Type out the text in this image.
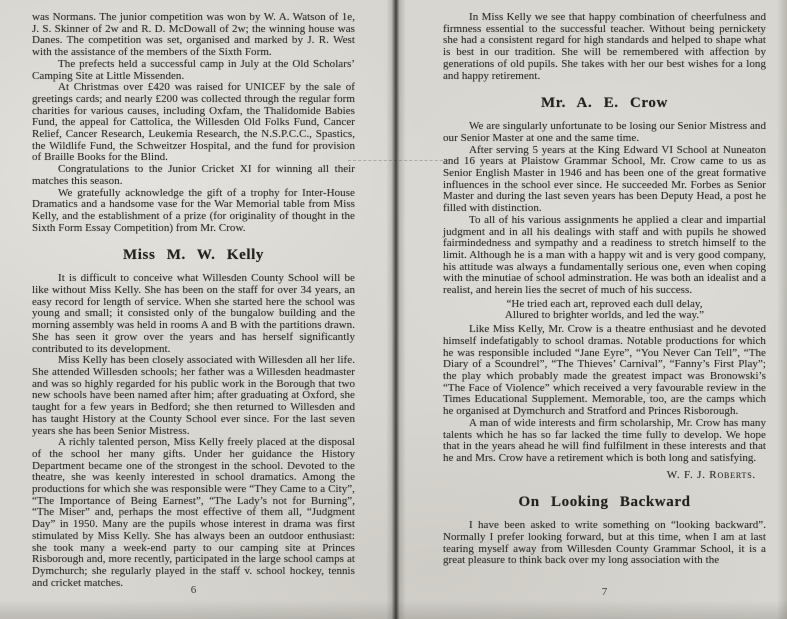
was Normans. The junior competition was won by W. A. Watson of 1e, J. S. Skinner of 2w and R. D. McDowall of 2w; the winning house was Danes. The competition was set, organised and marked by J. R. West with the assistance of the members of the Sixth Form.

The prefects held a successful camp in July at the Old Scholars’ Camping Site at Little Missenden.

At Christmas over £420 was raised for UNICEF by the sale of greetings cards; and nearly £200 was collected through the regular form charities for various causes, including Oxfam, the Thalidomide Babies Fund, the appeal for Cattolica, the Willesden Old Folks Fund, Cancer Relief, Cancer Research, Leukemia Research, the N.S.P.C.C., Spastics, the Wildlife Fund, the Schweitzer Hospital, and the fund for provision of Braille Books for the Blind.

Congratulations to the Junior Cricket XI for winning all their matches this season.

We gratefully acknowledge the gift of a trophy for Inter-House Dramatics and a handsome vase for the War Memorial table from Miss Kelly, and the establishment of a prize (for originality of thought in the Sixth Form Essay Competition) from Mr. Crow.

Miss M. W. Kelly

It is difficult to conceive what Willesden County School will be like without Miss Kelly. She has been on the staff for over 34 years, an easy record for length of service. When she started here the school was young and small; it consisted only of the bungalow building and the morning assembly was held in rooms A and B with the partitions drawn. She has seen it grow over the years and has herself significantly contributed to its development.

Miss Kelly has been closely associated with Willesden all her life. She attended Willesden schools; her father was a Willesden headmaster and was so highly regarded for his public work in the Borough that two new schools have been named after him; after graduating at Oxford, she taught for a few years in Bedford; she then returned to Willesden and has taught History at the County School ever since. For the last seven years she has been Senior Mistress.

A richly talented person, Miss Kelly freely placed at the disposal of the school her many gifts. Under her guidance the History Department became one of the strongest in the school. Devoted to the theatre, she was keenly interested in school dramatics. Among the productions for which she was responsible were “They Came to a City”, “The Importance of Being Earnest”, “The Lady’s not for Burning”, “The Miser” and, perhaps the most effective of them all, “Judgment Day” in 1950. Many are the pupils whose interest in drama was first stimulated by Miss Kelly. She has always been an outdoor enthusiast: she took many a week-end party to our camping site at Princes Risborough and, more recently, participated in the large school camps at Dymchurch; she regularly played in the staff v. school hockey, tennis and cricket matches.

6

In Miss Kelly we see that happy combination of cheerfulness and firmness essential to the successful teacher. Without being pernickety she had a consistent regard for high standards and helped to shape what is best in our tradition. She will be remembered with affection by generations of old pupils. She takes with her our best wishes for a long and happy retirement.

Mr. A. E. Crow

We are singularly unfortunate to be losing our Senior Mistress and our Senior Master at one and the same time.

After serving 5 years at the King Edward VI School at Nuneaton and 16 years at Plaistow Grammar School, Mr. Crow came to us as Senior English Master in 1946 and has been one of the great formative influences in the school ever since. He succeeded Mr. Forbes as Senior Master and during the last seven years has been Deputy Head, a post he filled with distinction.

To all of his various assignments he applied a clear and impartial judgment and in all his dealings with staff and with pupils he showed fairmindedness and sympathy and a readiness to stretch himself to the limit. Although he is a man with a happy wit and is very good company, his attitude was always a fundamentally serious one, even when coping with the minutiae of school adminstration. He was both an idealist and a realist, and herein lies the secret of much of his success.

“He tried each art, reproved each dull delay,

Allured to brighter worlds, and led the way.”

Like Miss Kelly, Mr. Crow is a theatre enthusiast and he devoted himself indefatigably to school dramas. Notable productions for which he was responsible included “Jane Eyre”, “You Never Can Tell”, “The Diary of a Scoundrel”, “The Thieves’ Carnival”, “Fanny’s First Play”; the play which probably made the greatest impact was Bronowski’s “The Face of Violence” which received a very favourable review in the Times Educational Supplement. Memorable, too, are the camps which he organised at Dymchurch and Stratford and Princes Risborough.

A man of wide interests and firm scholarship, Mr. Crow has many talents which he has so far lacked the time fully to develop. We hope that in the years ahead he will find fulfilment in these interests and that he and Mrs. Crow have a retirement which is both long and satisfying.

W. F. J. Roberts.

On Looking Backward

I have been asked to write something on “looking backward”. Normally I prefer looking forward, but at this time, when I am at last tearing myself away from Willesden County Grammar School, it is a great pleasure to think back over my long association with the

7
